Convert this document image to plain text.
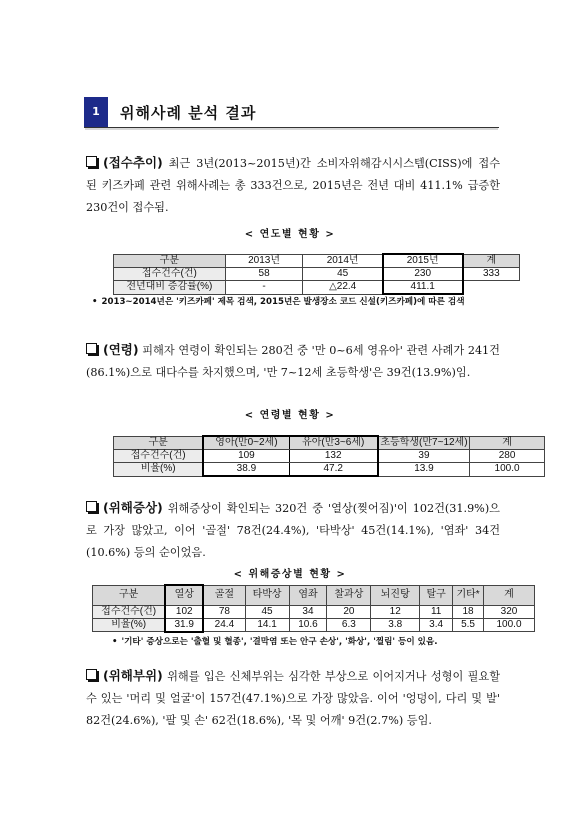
1	위해사례 분석 결과
(접수추이) 최근 3년(2013~2015년)간 소비자위해감시시스템(CISS)에 접수된 키즈카페 관련 위해사례는 총 333건으로, 2015년은 전년 대비 411.1% 급증한 230건이 접수됨.
< 연도별 현황 >
구분	2013년	2014년	2015년	계
접수건수(건)	58	45	230	333
전년대비 증감률(%)	-	△22.4	411.1	
• 2013~2014년은 '키즈카페' 제목 검색, 2015년은 발생장소 코드 신설(키즈카페)에 따른 검색
(연령) 피해자 연령이 확인되는 280건 중 '만 0~6세 영유아' 관련 사례가 241건(86.1%)으로 대다수를 차지했으며, '만 7~12세 초등학생'은 39건(13.9%)임.
< 연령별 현황 >
구분	영아(만0~2세)	유아(만3~6세)	초등학생(만7~12세)	계
접수건수(건)	109	132	39	280
비율(%)	38.9	47.2	13.9	100.0
(위해증상) 위해증상이 확인되는 320건 중 '열상(찢어짐)'이 102건(31.9%)으로 가장 많았고, 이어 '골절' 78건(24.4%), '타박상' 45건(14.1%), '염좌' 34건(10.6%) 등의 순이었음.
< 위해증상별 현황 >
구분	열상	골절	타박상	염좌	찰과상	뇌진탕	탈구	기타*	계
접수건수(건)	102	78	45	34	20	12	11	18	320
비율(%)	31.9	24.4	14.1	10.6	6.3	3.8	3.4	5.5	100.0
• '기타' 증상으로는 '출혈 및 혈종', '결막염 또는 안구 손상', '화상', '찔림' 등이 있음.
(위해부위) 위해를 입은 신체부위는 심각한 부상으로 이어지거나 성형이 필요할 수 있는 '머리 및 얼굴'이 157건(47.1%)으로 가장 많았음. 이어 '엉덩이, 다리 및 발' 82건(24.6%), '팔 및 손' 62건(18.6%), '목 및 어깨' 9건(2.7%) 등임.
